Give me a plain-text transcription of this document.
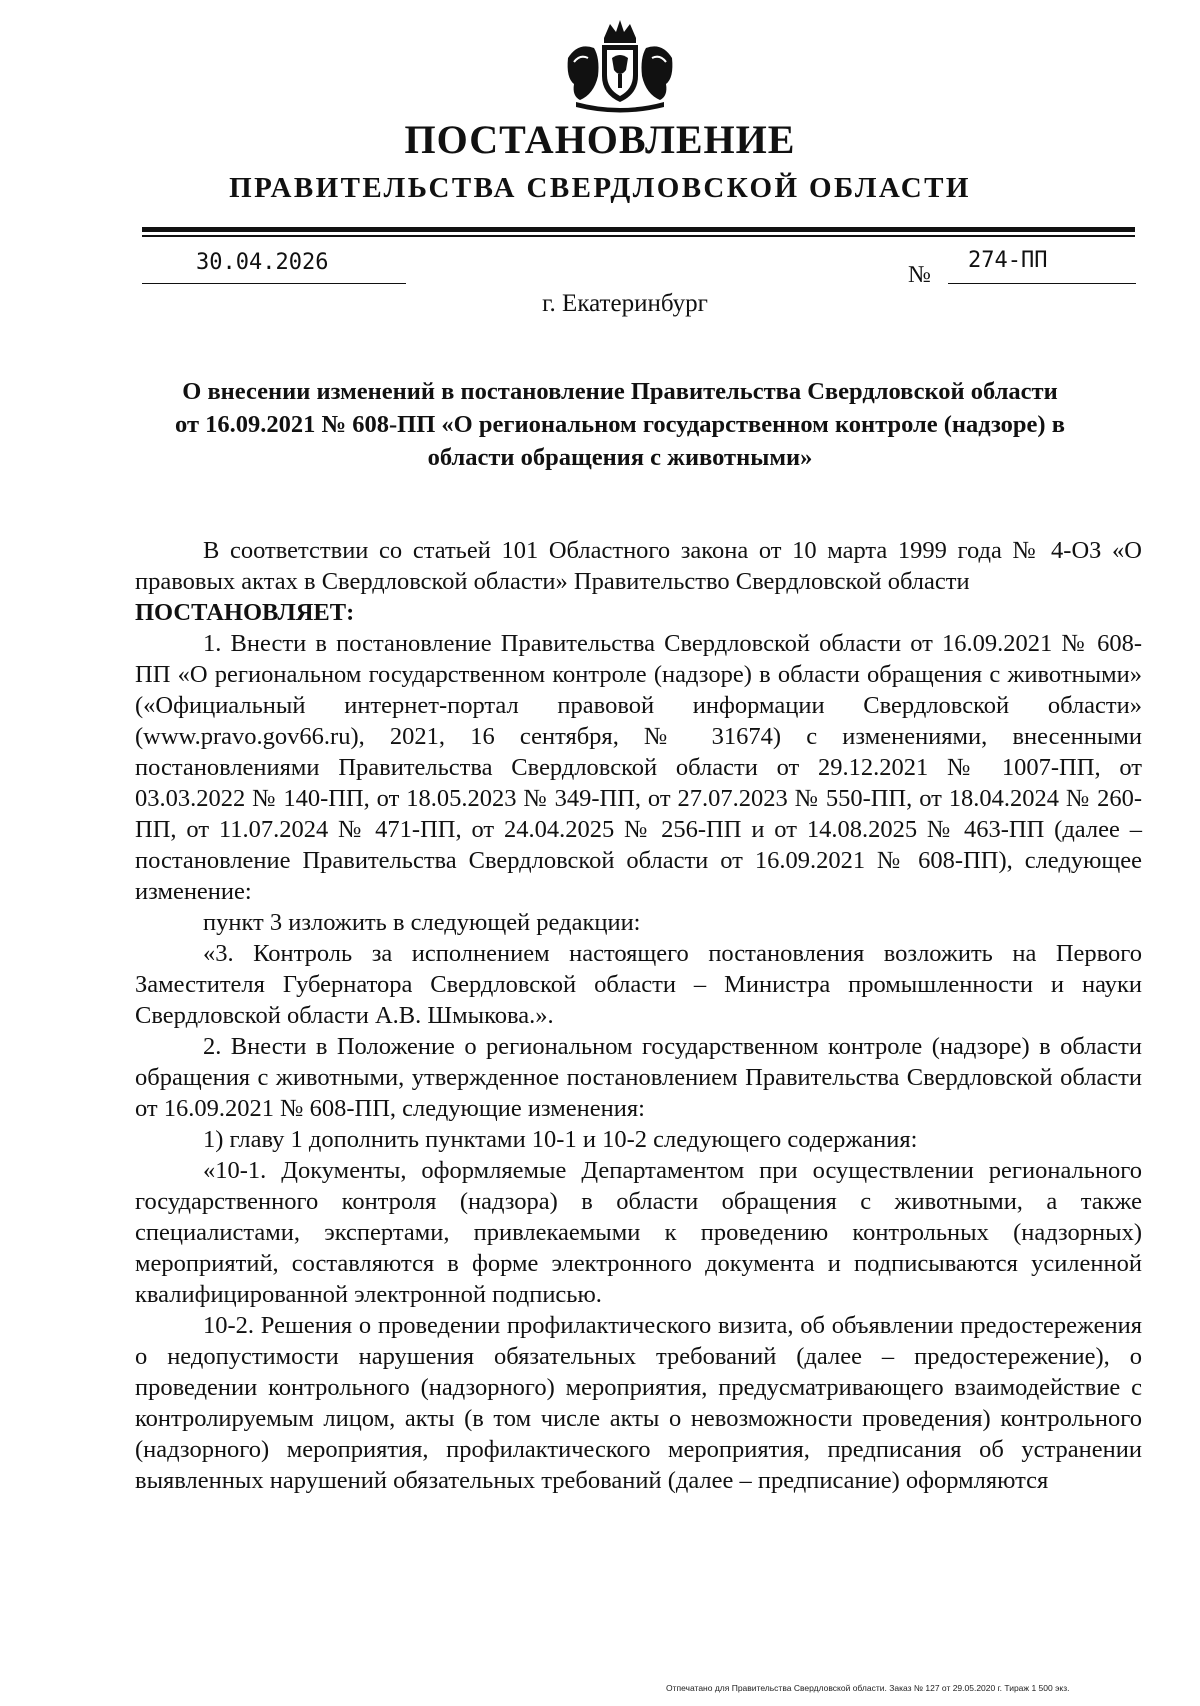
ПОСТАНОВЛЕНИЕ
ПРАВИТЕЛЬСТВА СВЕРДЛОВСКОЙ ОБЛАСТИ
30.04.2026	№
274-ПП
г. Екатеринбург
О внесении изменений в постановление Правительства Свердловской области от 16.09.2021 № 608-ПП «О региональном государственном контроле (надзоре) в области обращения с животными»

В соответствии со статьей 101 Областного закона от 10 марта 1999 года № 4-ОЗ «О правовых актах в Свердловской области» Правительство Свердловской области

ПОСТАНОВЛЯЕТ:

1. Внести в постановление Правительства Свердловской области от 16.09.2021 № 608-ПП «О региональном государственном контроле (надзоре) в области обращения с животными» («Официальный интернет-портал правовой информации Свердловской области» (www.pravo.gov66.ru), 2021, 16 сентября, № 31674) с изменениями, внесенными постановлениями Правительства Свердловской области от 29.12.2021 № 1007-ПП, от 03.03.2022 № 140-ПП, от 18.05.2023 № 349-ПП, от 27.07.2023 № 550-ПП, от 18.04.2024 № 260-ПП, от 11.07.2024 № 471-ПП, от 24.04.2025 № 256-ПП и от 14.08.2025 № 463-ПП (далее – постановление Правительства Свердловской области от 16.09.2021 № 608-ПП), следующее изменение:

пункт 3 изложить в следующей редакции:

«3. Контроль за исполнением настоящего постановления возложить на Первого Заместителя Губернатора Свердловской области – Министра промышленности и науки Свердловской области А.В. Шмыкова.».

2. Внести в Положение о региональном государственном контроле (надзоре) в области обращения с животными, утвержденное постановлением Правительства Свердловской области от 16.09.2021 № 608-ПП, следующие изменения:

1) главу 1 дополнить пунктами 10-1 и 10-2 следующего содержания:

«10-1. Документы, оформляемые Департаментом при осуществлении регионального государственного контроля (надзора) в области обращения с животными, а также специалистами, экспертами, привлекаемыми к проведению контрольных (надзорных) мероприятий, составляются в форме электронного документа и подписываются усиленной квалифицированной электронной подписью.

10-2. Решения о проведении профилактического визита, об объявлении предостережения о недопустимости нарушения обязательных требований (далее – предостережение), о проведении контрольного (надзорного) мероприятия, предусматривающего взаимодействие с контролируемым лицом, акты (в том числе акты о невозможности проведения) контрольного (надзорного) мероприятия, профилактического мероприятия, предписания об устранении выявленных нарушений обязательных требований (далее – предписание) оформляются

Отпечатано для Правительства Свердловской области. Заказ № 127 от 29.05.2020 г. Тираж 1 500 экз.
